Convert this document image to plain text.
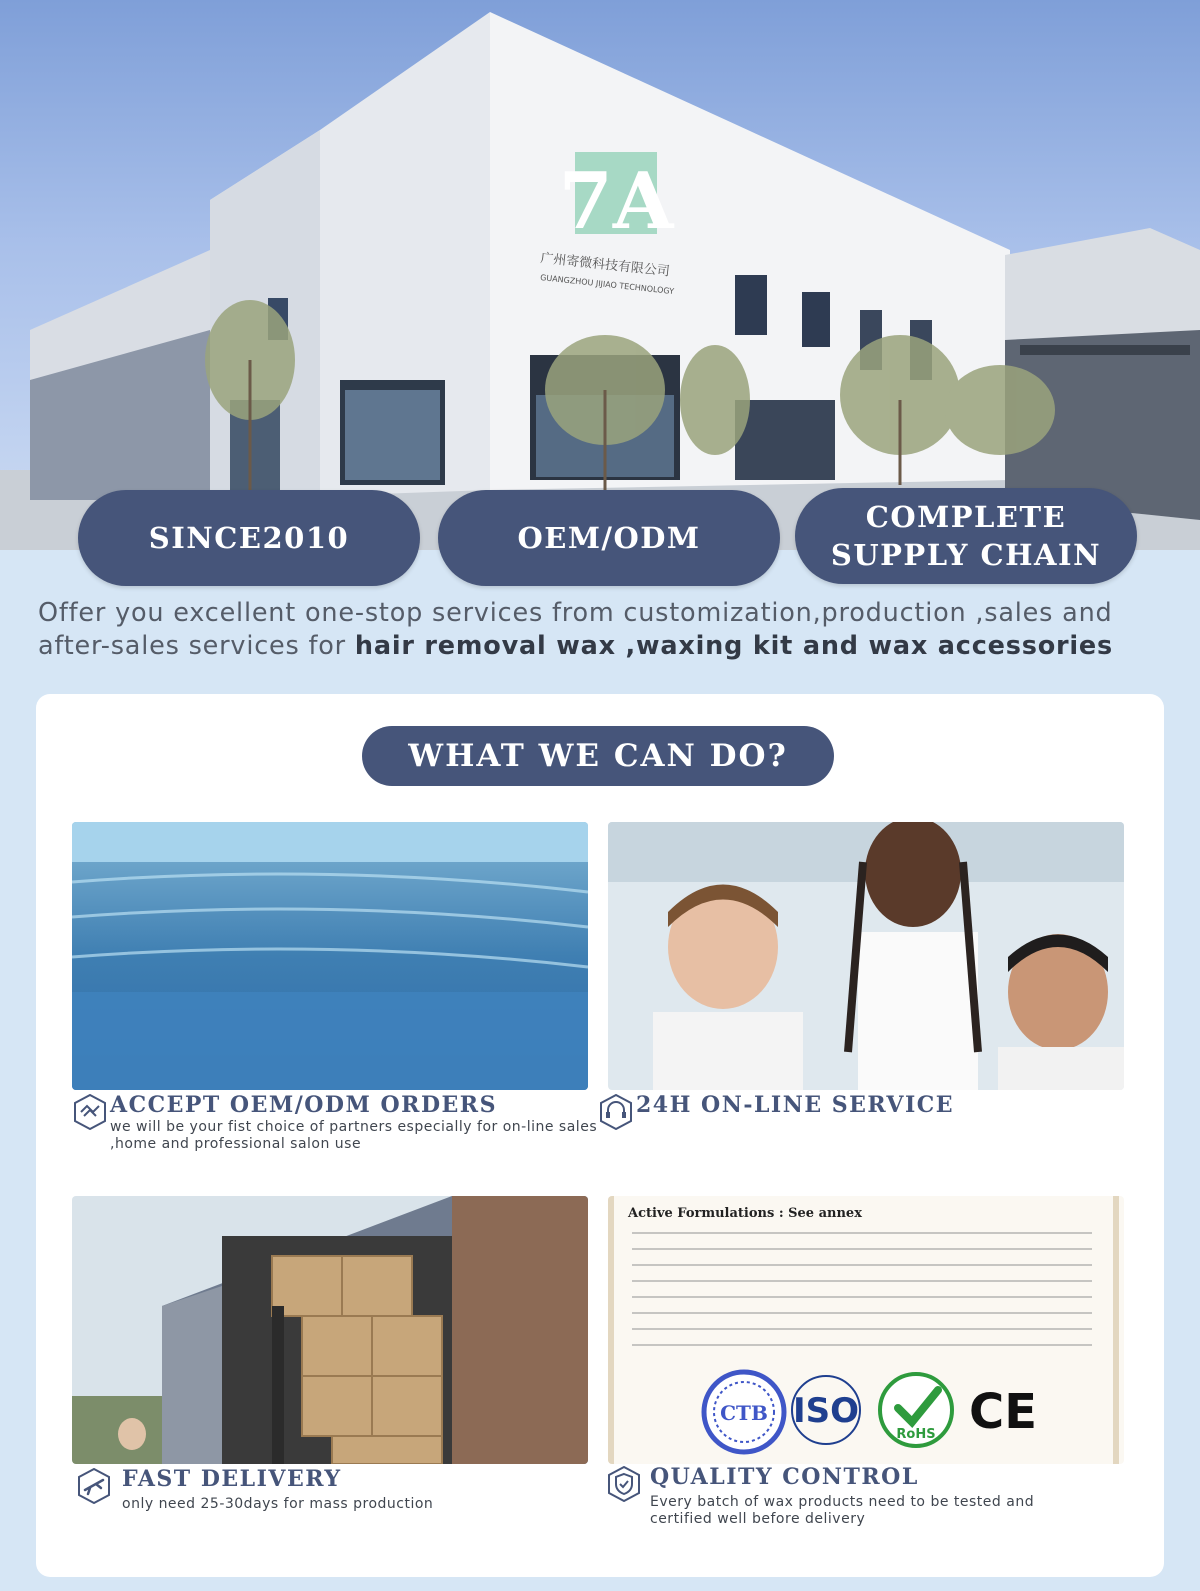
7A
广州寄微科技有限公司
GUANGZHOU JIJIAO TECHNOLOGY
SINCE2010	OEM/ODM
COMPLETE
SUPPLY CHAIN

Offer you excellent one-stop services from customization,production ,sales and after-sales services for hair removal wax ,waxing kit and wax accessories

WHAT WE CAN DO?
Active Formulations : See annex
CTB ISO
RoHS CE
ACCEPT OEM/ODM ORDERS
we will be your fist choice of partners especially for on-line sales ,home and professional salon use
24H ON-LINE SERVICE
FAST DELIVERY
only need 25-30days for mass production
QUALITY CONTROL
Every batch of wax products need to be tested and certified well before delivery
